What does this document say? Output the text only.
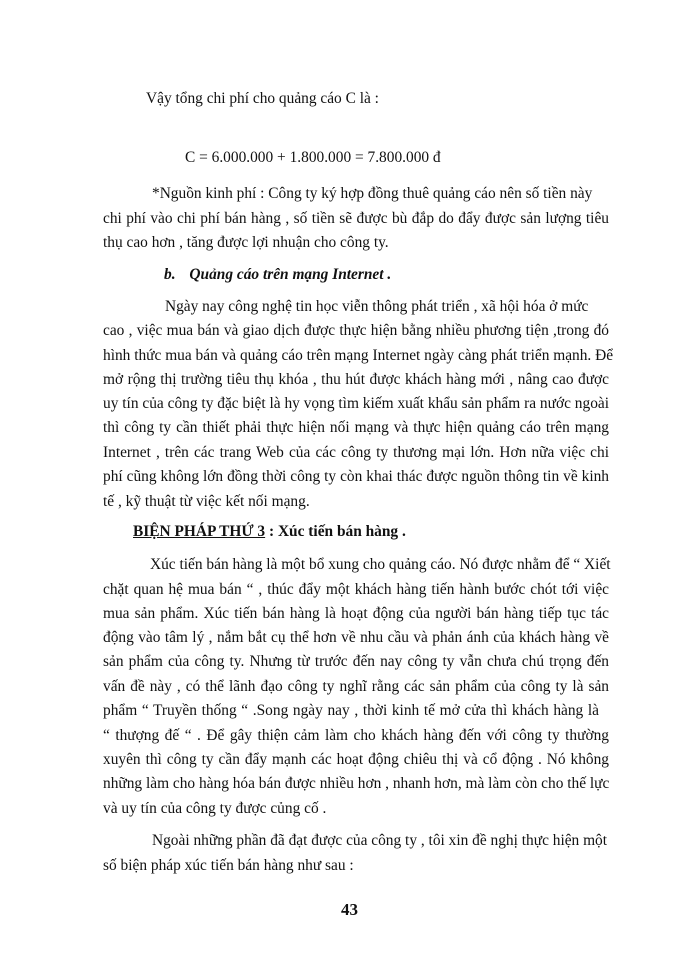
Vậy tổng chi phí cho quảng cáo C là :
C = 6.000.000 + 1.800.000 = 7.800.000 đ
*Nguồn kinh phí : Công ty ký hợp đồng thuê quảng cáo nên số tiền này
chi phí vào chi phí bán hàng , số tiền sẽ được bù đắp do đẩy được sản lượng tiêu
thụ cao hơn , tăng được lợi nhuận cho công ty.
b. Quảng cáo trên mạng Internet .
Ngày nay công nghệ tin học viễn thông phát triển , xã hội hóa ở mức
cao , việc mua bán và giao dịch được thực hiện bằng nhiều phương tiện ,trong đó
hình thức mua bán và quảng cáo trên mạng Internet ngày càng phát triển mạnh. Để
mở rộng thị trường tiêu thụ khóa , thu hút được khách hàng mới , nâng cao được
uy tín của công ty đặc biệt là hy vọng tìm kiếm xuất khẩu sản phẩm ra nước ngoài
thì công ty cần thiết phải thực hiện nối mạng và thực hiện quảng cáo trên mạng
Internet , trên các trang Web của các công ty thương mại lớn. Hơn nữa việc chi
phí cũng không lớn đồng thời công ty còn khai thác được nguồn thông tin về kinh
tế , kỹ thuật từ việc kết nối mạng.
BIỆN PHÁP THỨ 3 : Xúc tiến bán hàng .
Xúc tiến bán hàng là một bổ xung cho quảng cáo. Nó được nhằm để “ Xiết
chặt quan hệ mua bán “ , thúc đẩy một khách hàng tiến hành bước chót tới việc
mua sản phẩm. Xúc tiến bán hàng là hoạt động của người bán hàng tiếp tục tác
động vào tâm lý , nắm bắt cụ thể hơn về nhu cầu và phản ánh của khách hàng về
sản phẩm của công ty. Nhưng từ trước đến nay công ty vẫn chưa chú trọng đến
vấn đề này , có thể lãnh đạo công ty nghĩ rằng các sản phẩm của công ty là sản
phẩm “ Truyền thống “ .Song ngày nay , thời kinh tế mở cửa thì khách hàng là
“ thượng đế “ . Để gây thiện cảm làm cho khách hàng đến với công ty thường
xuyên thì công ty cần đẩy mạnh các hoạt động chiêu thị và cổ động . Nó không
những làm cho hàng hóa bán được nhiều hơn , nhanh hơn, mà làm còn cho thế lực
và uy tín của công ty được củng cố .
Ngoài những phần đã đạt được của công ty , tôi xin đề nghị thực hiện một
số biện pháp xúc tiến bán hàng như sau :
43
